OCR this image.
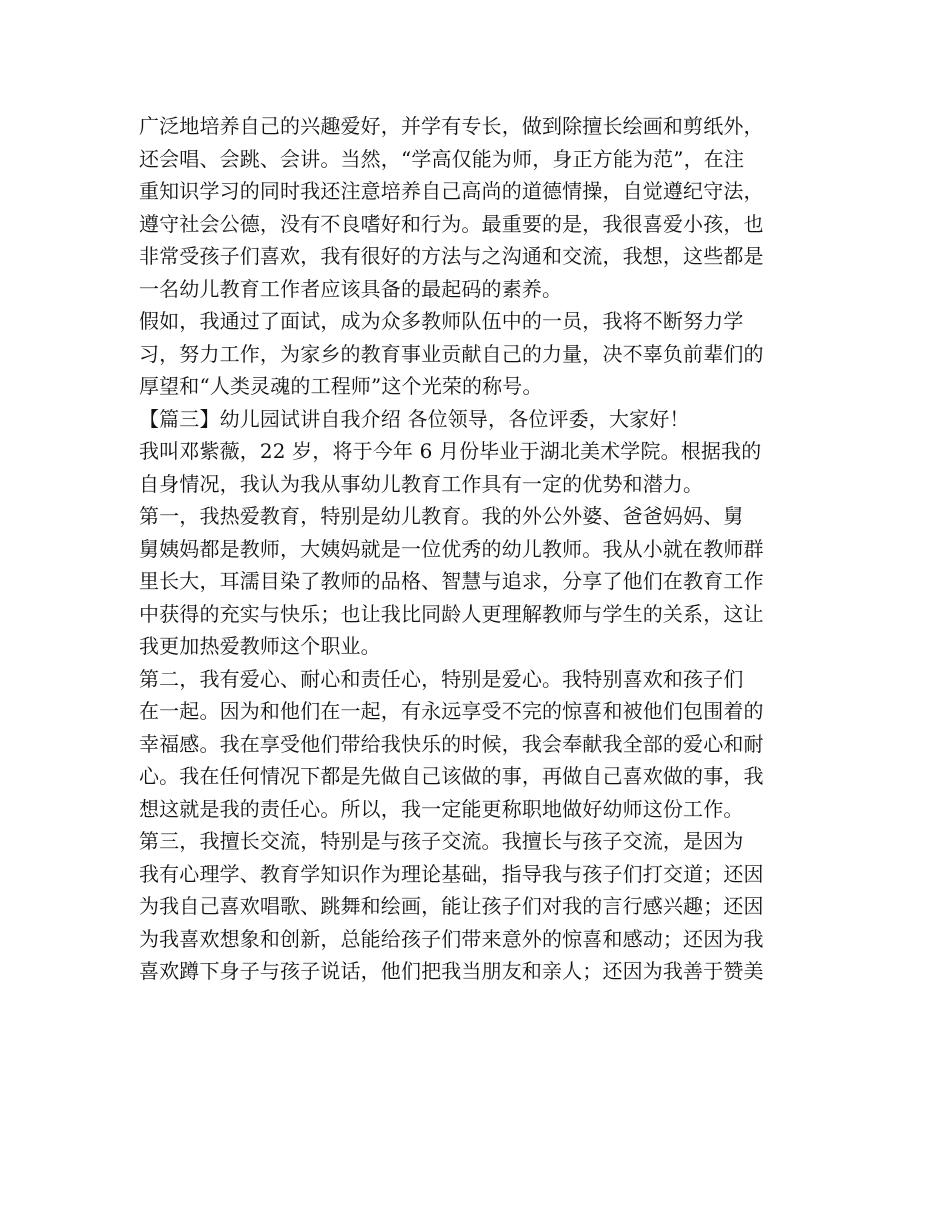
广泛地培养自己的兴趣爱好，并学有专长，做到除擅长绘画和剪纸外，
还会唱、会跳、会讲。当然，“学高仅能为师，身正方能为范”，在注
重知识学习的同时我还注意培养自己高尚的道德情操，自觉遵纪守法，
遵守社会公德，没有不良嗜好和行为。最重要的是，我很喜爱小孩，也
非常受孩子们喜欢，我有很好的方法与之沟通和交流，我想，这些都是
一名幼儿教育工作者应该具备的最起码的素养。
假如，我通过了面试，成为众多教师队伍中的一员，我将不断努力学
习，努力工作，为家乡的教育事业贡献自己的力量，决不辜负前辈们的
厚望和“人类灵魂的工程师”这个光荣的称号。
【篇三】幼儿园试讲自我介绍 各位领导，各位评委，大家好！
我叫邓紫薇，22 岁，将于今年 6 月份毕业于湖北美术学院。根据我的
自身情况，我认为我从事幼儿教育工作具有一定的优势和潜力。
第一，我热爱教育，特别是幼儿教育。我的外公外婆、爸爸妈妈、舅
舅姨妈都是教师，大姨妈就是一位优秀的幼儿教师。我从小就在教师群
里长大，耳濡目染了教师的品格、智慧与追求，分享了他们在教育工作
中获得的充实与快乐；也让我比同龄人更理解教师与学生的关系，这让
我更加热爱教师这个职业。
第二，我有爱心、耐心和责任心，特别是爱心。我特别喜欢和孩子们
在一起。因为和他们在一起，有永远享受不完的惊喜和被他们包围着的
幸福感。我在享受他们带给我快乐的时候，我会奉献我全部的爱心和耐
心。我在任何情况下都是先做自己该做的事，再做自己喜欢做的事，我
想这就是我的责任心。所以，我一定能更称职地做好幼师这份工作。
第三，我擅长交流，特别是与孩子交流。我擅长与孩子交流，是因为
我有心理学、教育学知识作为理论基础，指导我与孩子们打交道；还因
为我自己喜欢唱歌、跳舞和绘画，能让孩子们对我的言行感兴趣；还因
为我喜欢想象和创新，总能给孩子们带来意外的惊喜和感动；还因为我
喜欢蹲下身子与孩子说话，他们把我当朋友和亲人；还因为我善于赞美
